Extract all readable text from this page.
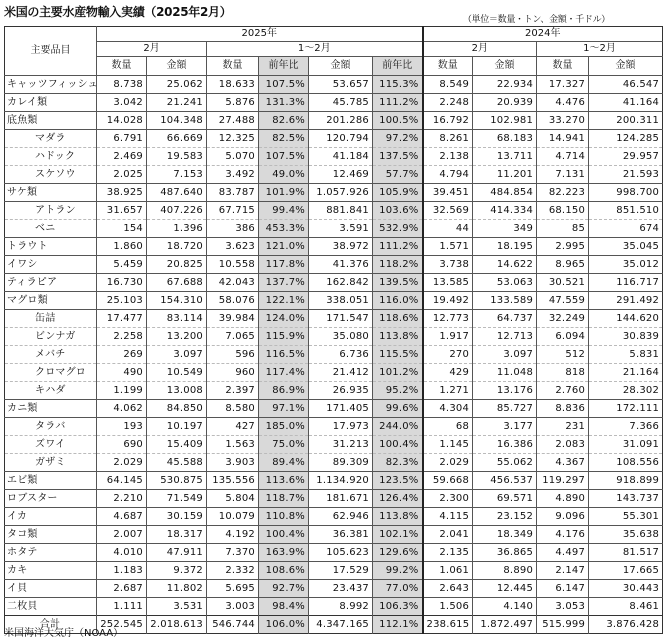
米国の主要水産物輸入実績（2025年2月）
（単位＝数量・トン、金額・千ドル）
主要品目	2025年						2024年			
	2月		1～2月				2月		1～2月	
	数量	金額	数量	前年比	金額	前年比	数量	金額	数量	金額
キャッツフィッシュ	8.738	25.062	18.633	107.5%	53.657	115.3%	8.549	22.934	17.327	46.547
カレイ類	3.042	21.241	5.876	131.3%	45.785	111.2%	2.248	20.939	4.476	41.164
底魚類	14.028	104.348	27.488	82.6%	201.286	100.5%	16.792	102.981	33.270	200.311
マダラ	6.791	66.669	12.325	82.5%	120.794	97.2%	8.261	68.183	14.941	124.285
ハドック	2.469	19.583	5.070	107.5%	41.184	137.5%	2.138	13.711	4.714	29.957
スケソウ	2.025	7.153	3.492	49.0%	12.469	57.7%	4.794	11.201	7.131	21.593
サケ類	38.925	487.640	83.787	101.9%	1.057.926	105.9%	39.451	484.854	82.223	998.700
アトラン	31.657	407.226	67.715	99.4%	881.841	103.6%	32.569	414.334	68.150	851.510
ベニ	154	1.396	386	453.3%	3.591	532.9%	44	349	85	674
トラウト	1.860	18.720	3.623	121.0%	38.972	111.2%	1.571	18.195	2.995	35.045
イワシ	5.459	20.825	10.558	117.8%	41.376	118.2%	3.738	14.622	8.965	35.012
ティラピア	16.730	67.688	42.043	137.7%	162.842	139.5%	13.585	53.063	30.521	116.717
マグロ類	25.103	154.310	58.076	122.1%	338.051	116.0%	19.492	133.589	47.559	291.492
缶詰	17.477	83.114	39.984	124.0%	171.547	118.6%	12.773	64.737	32.249	144.620
ビンナガ	2.258	13.200	7.065	115.9%	35.080	113.8%	1.917	12.713	6.094	30.839
メバチ	269	3.097	596	116.5%	6.736	115.5%	270	3.097	512	5.831
クロマグロ	490	10.549	960	117.4%	21.412	101.2%	429	11.048	818	21.164
キハダ	1.199	13.008	2.397	86.9%	26.935	95.2%	1.271	13.176	2.760	28.302
カニ類	4.062	84.850	8.580	97.1%	171.405	99.6%	4.304	85.727	8.836	172.111
タラバ	193	10.197	427	185.0%	17.973	244.0%	68	3.177	231	7.366
ズワイ	690	15.409	1.563	75.0%	31.213	100.4%	1.145	16.386	2.083	31.091
ガザミ	2.029	45.588	3.903	89.4%	89.309	82.3%	2.029	55.062	4.367	108.556
エビ類	64.145	530.875	135.556	113.6%	1.134.920	123.5%	59.668	456.537	119.297	918.899
ロブスター	2.210	71.549	5.804	118.7%	181.671	126.4%	2.300	69.571	4.890	143.737
イカ	4.687	30.159	10.079	110.8%	62.946	113.8%	4.115	23.152	9.096	55.301
タコ類	2.007	18.317	4.192	100.4%	36.381	102.1%	2.041	18.349	4.176	35.638
ホタテ	4.010	47.911	7.370	163.9%	105.623	129.6%	2.135	36.865	4.497	81.517
カキ	1.183	9.372	2.332	108.6%	17.529	99.2%	1.061	8.890	2.147	17.665
イ貝	2.687	11.802	5.695	92.7%	23.437	77.0%	2.643	12.445	6.147	30.443
二枚貝	1.111	3.531	3.003	98.4%	8.992	106.3%	1.506	4.140	3.053	8.461
合計	252.545	2.018.613	546.744	106.0%	4.347.165	112.1%	238.615	1.872.497	515.999	3.876.428
米国海洋大気庁（NOAA）
